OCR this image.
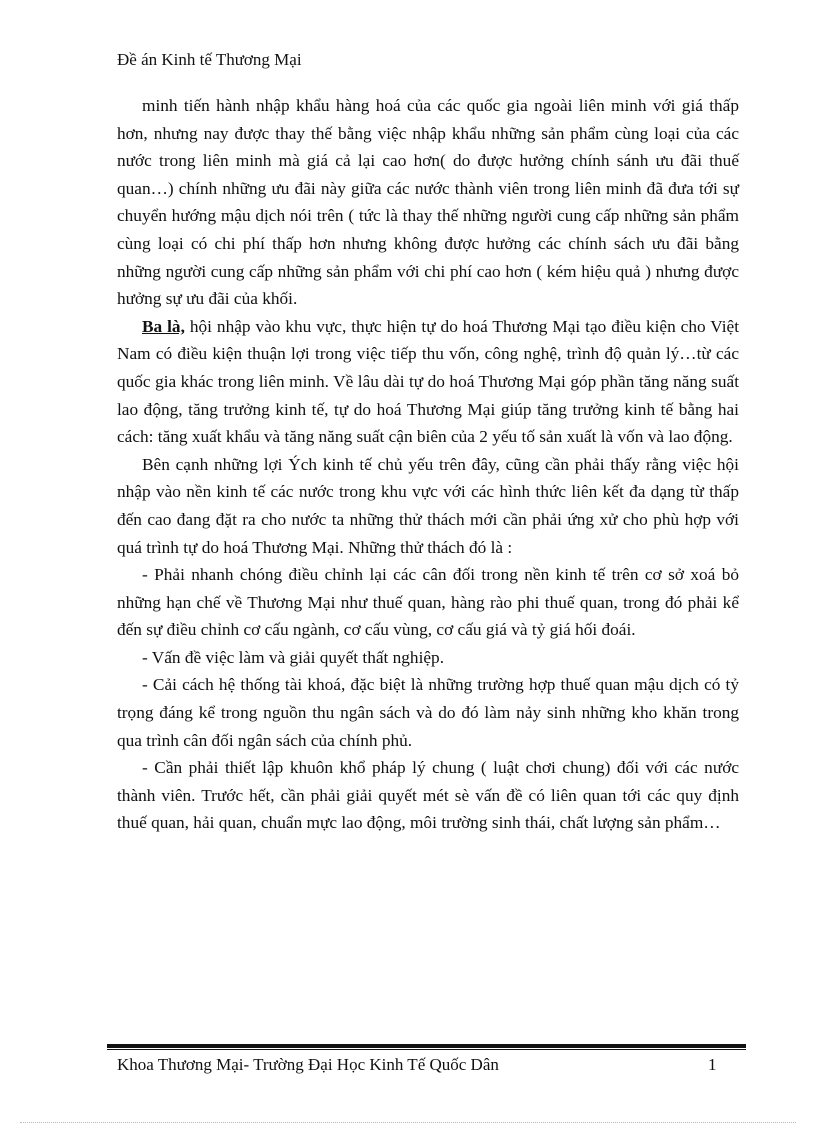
Đề án Kinh tế Thương Mại

minh tiến hành nhập khẩu hàng hoá của các quốc gia ngoài liên minh với giá thấp hơn, nhưng nay được thay thế bằng việc nhập khẩu những sản phẩm cùng loại của các nước trong liên minh mà giá cả lại cao hơn( do được hưởng chính sánh ưu đãi thuế quan…) chính những ưu đãi này giữa các nước thành viên trong liên minh đã đưa tới sự chuyển hướng mậu dịch nói trên ( tức là thay thế những người cung cấp những sản phẩm cùng loại có chi phí thấp hơn nhưng không được hưởng các chính sách ưu đãi bằng những người cung cấp những sản phẩm với chi phí cao hơn ( kém hiệu quả ) nhưng được hưởng sự ưu đãi của khối.

Ba là, hội nhập vào khu vực, thực hiện tự do hoá Thương Mại tạo điều kiện cho Việt Nam có điều kiện thuận lợi trong việc tiếp thu vốn, công nghệ, trình độ quản lý…từ các quốc gia khác trong liên minh. Về lâu dài tự do hoá Thương Mại góp phần tăng năng suất lao động, tăng trưởng kinh tế, tự do hoá Thương Mại giúp tăng trưởng kinh tế bằng hai cách: tăng xuất khẩu và tăng năng suất cận biên của 2 yếu tố sản xuất là vốn và lao động.

Bên cạnh những lợi Ých kinh tế chủ yếu trên đây, cũng cần phải thấy rằng việc hội nhập vào nền kinh tế các nước trong khu vực với các hình thức liên kết đa dạng từ thấp đến cao đang đặt ra cho nước ta những thử thách mới cần phải ứng xử cho phù hợp với quá trình tự do hoá Thương Mại. Những thử thách đó là :

- Phải nhanh chóng điều chỉnh lại các cân đối trong nền kinh tế trên cơ sở xoá bỏ những hạn chế về Thương Mại như thuế quan, hàng rào phi thuế quan, trong đó phải kể đến sự điều chỉnh cơ cấu ngành, cơ cấu vùng, cơ cấu giá và tỷ giá hối đoái.

- Vấn đề việc làm và giải quyết thất nghiệp.

- Cải cách hệ thống tài khoá, đặc biệt là những trường hợp thuế quan mậu dịch có tỷ trọng đáng kể trong nguồn thu ngân sách và do đó làm nảy sinh những kho khăn trong qua trình cân đối ngân sách của chính phủ.

- Cần phải thiết lập khuôn khổ pháp lý chung ( luật chơi chung) đối với các nước thành viên. Trước hết, cần phải giải quyết mét sè vấn đề có liên quan tới các quy định thuế quan, hải quan, chuẩn mực lao động, môi trường sinh thái, chất lượng sản phẩm…

Khoa Thương Mại- Trường Đại Học Kinh Tế Quốc Dân	1
